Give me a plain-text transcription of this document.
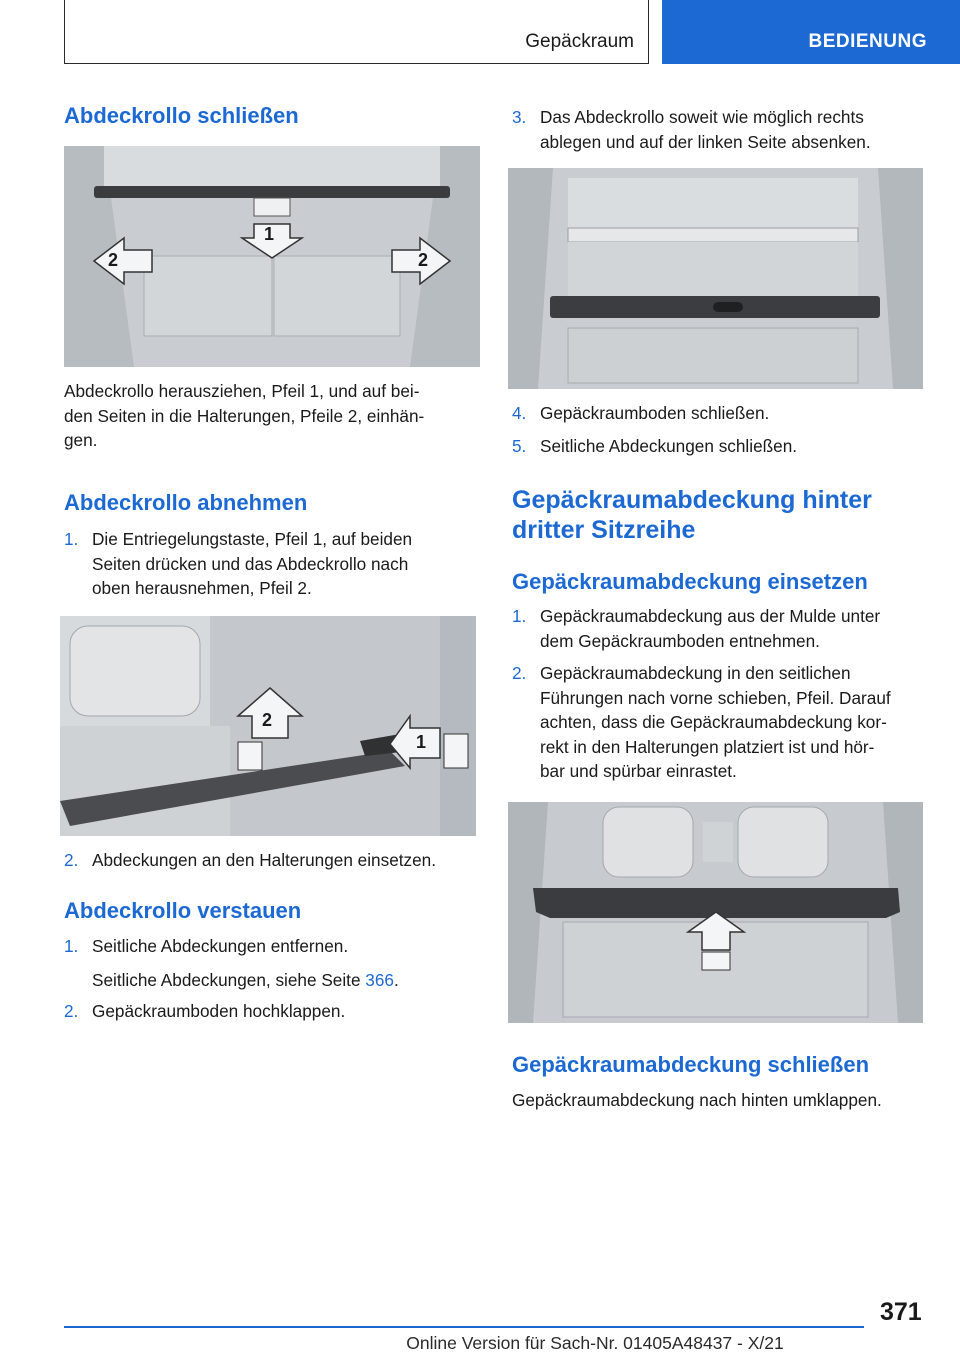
Gepäckraum	BEDIENUNG
Abdeckrollo schließen
1
2	2
Abdeckrollo herausziehen, Pfeil 1, und auf bei-
den Seiten in die Halterungen, Pfeile 2, einhän-
gen.
Abdeckrollo abnehmen
1. Die Entriegelungstaste, Pfeil 1, auf beiden
Seiten drücken und das Abdeckrollo nach
oben herausnehmen, Pfeil 2.
2
1
2. Abdeckungen an den Halterungen einsetzen.
Abdeckrollo verstauen
1. Seitliche Abdeckungen entfernen.
Seitliche Abdeckungen, siehe Seite 366.
2. Gepäckraumboden hochklappen.
3. Das Abdeckrollo soweit wie möglich rechts
ablegen und auf der linken Seite absenken.
4. Gepäckraumboden schließen.
5. Seitliche Abdeckungen schließen.
Gepäckraumabdeckung hinter
dritter Sitzreihe
Gepäckraumabdeckung einsetzen
1. Gepäckraumabdeckung aus der Mulde unter
dem Gepäckraumboden entnehmen.
2. Gepäckraumabdeckung in den seitlichen
Führungen nach vorne schieben, Pfeil. Darauf
achten, dass die Gepäckraumabdeckung kor-
rekt in den Halterungen platziert ist und hör-
bar und spürbar einrastet.
Gepäckraumabdeckung schließen
Gepäckraumabdeckung nach hinten umklappen.
371
Online Version für Sach-Nr. 01405A48437 - X/21
